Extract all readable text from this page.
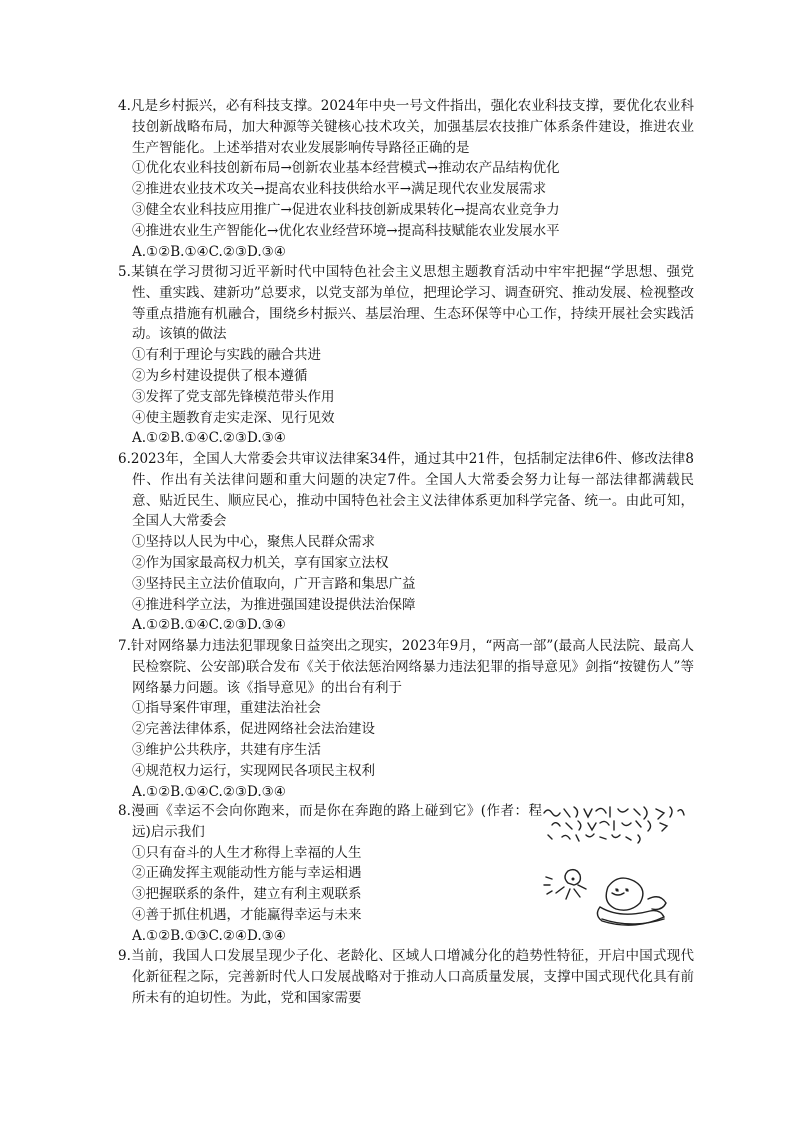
4.凡是乡村振兴，必有科技支撑。2024年中央一号文件指出，强化农业科技支撑，要优化农业科技创新战略布局，加大种源等关键核心技术攻关，加强基层农技推广体系条件建设，推进农业生产智能化。上述举措对农业发展影响传导路径正确的是
①优化农业科技创新布局→创新农业基本经营模式→推动农产品结构优化
②推进农业技术攻关→提高农业科技供给水平→满足现代农业发展需求
③健全农业科技应用推广→促进农业科技创新成果转化→提高农业竞争力
④推进农业生产智能化→优化农业经营环境→提高科技赋能农业发展水平
A.①②B.①④C.②③D.③④
5.某镇在学习贯彻习近平新时代中国特色社会主义思想主题教育活动中牢牢把握“学思想、强党性、重实践、建新功”总要求，以党支部为单位，把理论学习、调查研究、推动发展、检视整改等重点措施有机融合，围绕乡村振兴、基层治理、生态环保等中心工作，持续开展社会实践活动。该镇的做法
①有利于理论与实践的融合共进
②为乡村建设提供了根本遵循
③发挥了党支部先锋模范带头作用
④使主题教育走实走深、见行见效
A.①②B.①④C.②③D.③④
6.2023年，全国人大常委会共审议法律案34件，通过其中21件，包括制定法律6件、修改法律8件、作出有关法律问题和重大问题的决定7件。全国人大常委会努力让每一部法律都满载民意、贴近民生、顺应民心，推动中国特色社会主义法律体系更加科学完备、统一。由此可知，全国人大常委会
①坚持以人民为中心，聚焦人民群众需求
②作为国家最高权力机关，享有国家立法权
③坚持民主立法价值取向，广开言路和集思广益
④推进科学立法，为推进强国建设提供法治保障
A.①②B.①④C.②③D.③④
7.针对网络暴力违法犯罪现象日益突出之现实，2023年9月，“两高一部”(最高人民法院、最高人民检察院、公安部)联合发布《关于依法惩治网络暴力违法犯罪的指导意见》剑指“按键伤人”等网络暴力问题。该《指导意见》的出台有利于
①指导案件审理，重建法治社会
②完善法律体系，促进网络社会法治建设
③维护公共秩序，共建有序生活
④规范权力运行，实现网民各项民主权利
A.①②B.①④C.②③D.③④
8.漫画《幸运不会向你跑来，而是你在奔跑的路上碰到它》(作者：程远)启示我们
①只有奋斗的人生才称得上幸福的人生
②正确发挥主观能动性方能与幸运相遇
③把握联系的条件，建立有利主观联系
④善于抓住机遇，才能赢得幸运与未来
A.①②B.①③C.②④D.③④
9.当前，我国人口发展呈现少子化、老龄化、区域人口增减分化的趋势性特征，开启中国式现代化新征程之际，完善新时代人口发展战略对于推动人口高质量发展，支撑中国式现代化具有前所未有的迫切性。为此，党和国家需要
